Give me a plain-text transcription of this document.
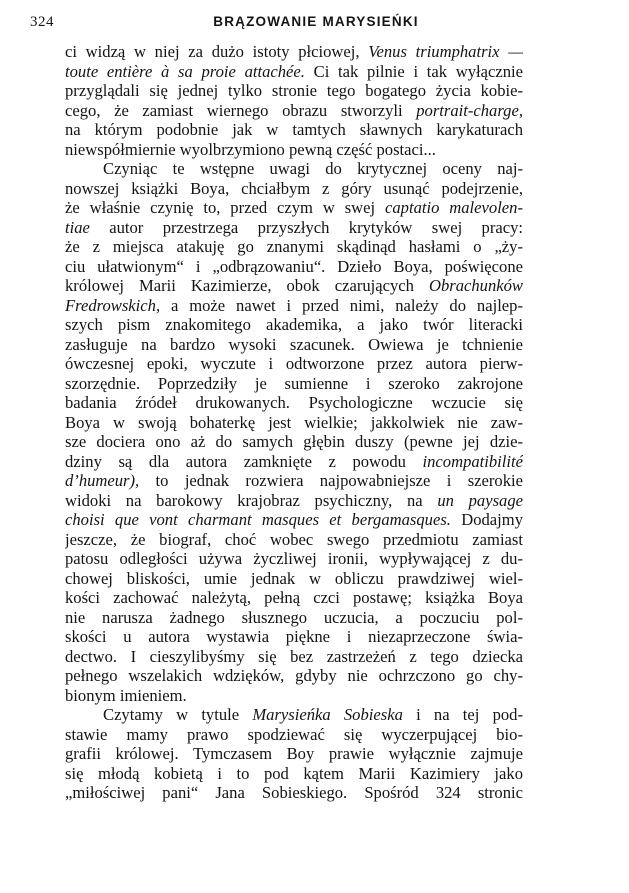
324	BRĄZOWANIE MARYSIEŃKI
ci widzą w niej za dużo istoty płciowej, Venus triumphatrix —
toute entière à sa proie attachée. Ci tak pilnie i tak wyłącznie
przyglądali się jednej tylko stronie tego bogatego życia kobie-
cego, że zamiast wiernego obrazu stworzyli portrait-charge,
na którym podobnie jak w tamtych sławnych karykaturach
niewspółmiernie wyolbrzymiono pewną część postaci...
Czyniąc te wstępne uwagi do krytycznej oceny naj-
nowszej książki Boya, chciałbym z góry usunąć podejrzenie,
że właśnie czynię to, przed czym w swej captatio malevolen-
tiae autor przestrzega przyszłych krytyków swej pracy:
że z miejsca atakuję go znanymi skądinąd hasłami o „ży-
ciu ułatwionym“ i „odbrązowaniu“. Dzieło Boya, poświęcone
królowej Marii Kazimierze, obok czarujących Obrachunków
Fredrowskich, a może nawet i przed nimi, należy do najlep-
szych pism znakomitego akademika, a jako twór literacki
zasługuje na bardzo wysoki szacunek. Owiewa je tchnienie
ówczesnej epoki, wyczute i odtworzone przez autora pierw-
szorzędnie. Poprzedziły je sumienne i szeroko zakrojone
badania źródeł drukowanych. Psychologiczne wczucie się
Boya w swoją bohaterkę jest wielkie; jakkolwiek nie zaw-
sze dociera ono aż do samych głębin duszy (pewne jej dzie-
dziny są dla autora zamknięte z powodu incompatibilité
d’humeur), to jednak rozwiera najpowabniejsze i szerokie
widoki na barokowy krajobraz psychiczny, na un paysage
choisi que vont charmant masques et bergamasques. Dodajmy
jeszcze, że biograf, choć wobec swego przedmiotu zamiast
patosu odległości używa życzliwej ironii, wypływającej z du-
chowej bliskości, umie jednak w obliczu prawdziwej wiel-
kości zachować należytą, pełną czci postawę; książka Boya
nie narusza żadnego słusznego uczucia, a poczuciu pol-
skości u autora wystawia piękne i niezaprzeczone świa-
dectwo. I cieszylibyśmy się bez zastrzeżeń z tego dziecka
pełnego wszelakich wdzięków, gdyby nie ochrzczono go chy-
bionym imieniem.
Czytamy w tytule Marysieńka Sobieska i na tej pod-
stawie mamy prawo spodziewać się wyczerpującej bio-
grafii królowej. Tymczasem Boy prawie wyłącznie zajmuje
się młodą kobietą i to pod kątem Marii Kazimiery jako
„miłościwej pani“ Jana Sobieskiego. Spośród 324 stronic
